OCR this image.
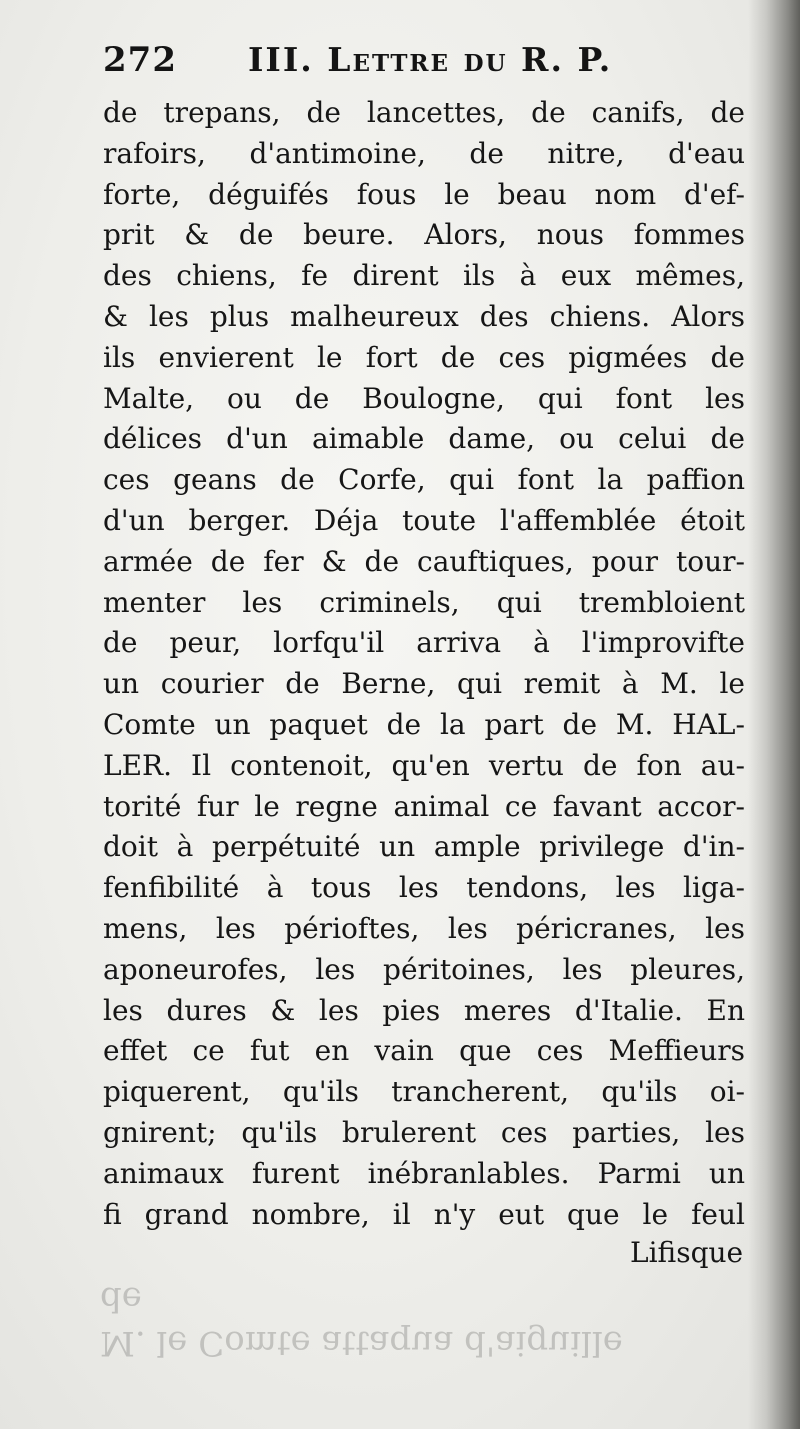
M. le Comte attaqua d'aiguille
de
272 III. Lettre du R. P.
de trepans, de lancettes, de canifs, de
rafoirs, d'antimoine, de nitre, d'eau
forte, déguifés fous le beau nom d'ef-
prit & de beure. Alors, nous fommes
des chiens, fe dirent ils à eux mêmes,
& les plus malheureux des chiens. Alors
ils envierent le fort de ces pigmées de
Malte, ou de Boulogne, qui font les
délices d'un aimable dame, ou celui de
ces geans de Corfe, qui font la paffion
d'un berger. Déja toute l'affemblée étoit
armée de fer & de cauftiques, pour tour-
menter les criminels, qui trembloient
de peur, lorfqu'il arriva à l'improvifte
un courier de Berne, qui remit à M. le
Comte un paquet de la part de M. HAL-
LER. Il contenoit, qu'en vertu de fon au-
torité fur le regne animal ce favant accor-
doit à perpétuité un ample privilege d'in-
fenfibilité à tous les tendons, les liga-
mens, les périoftes, les péricranes, les
aponeurofes, les péritoines, les pleures,
les dures & les pies meres d'Italie. En
effet ce fut en vain que ces Meffieurs
piquerent, qu'ils trancherent, qu'ils oi-
gnirent; qu'ils brulerent ces parties, les
animaux furent inébranlables. Parmi un
fi grand nombre, il n'y eut que le feul
Lifisque
